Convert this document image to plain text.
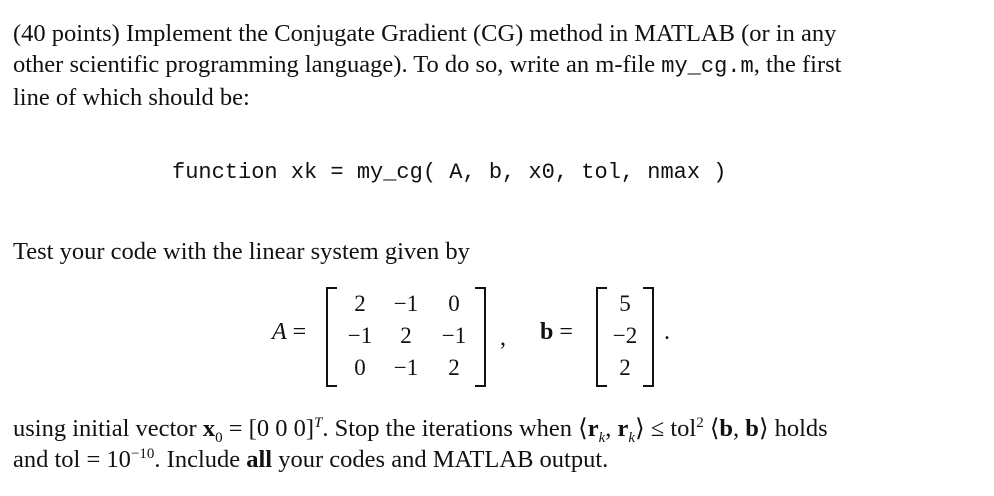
(40 points) Implement the Conjugate Gradient (CG) method in MATLAB (or in any
other scientific programming language). To do so, write an m-file my_cg.m, the first
line of which should be:
function xk = my_cg( A, b, x0, tol, nmax )
Test your code with the linear system given by
A =
2	−1	0
−1	2	−1
0	−1	2
, b =
5
−2
2
.
using initial vector $x_0 = [0$ 0 0]$^T$. Stop the iterations when $⟨r_k$, $r_k⟩ \le tol^2$ ⟨b, b⟩ holds
and tol = $10^{-10}$. Include all your codes and MATLAB output.
